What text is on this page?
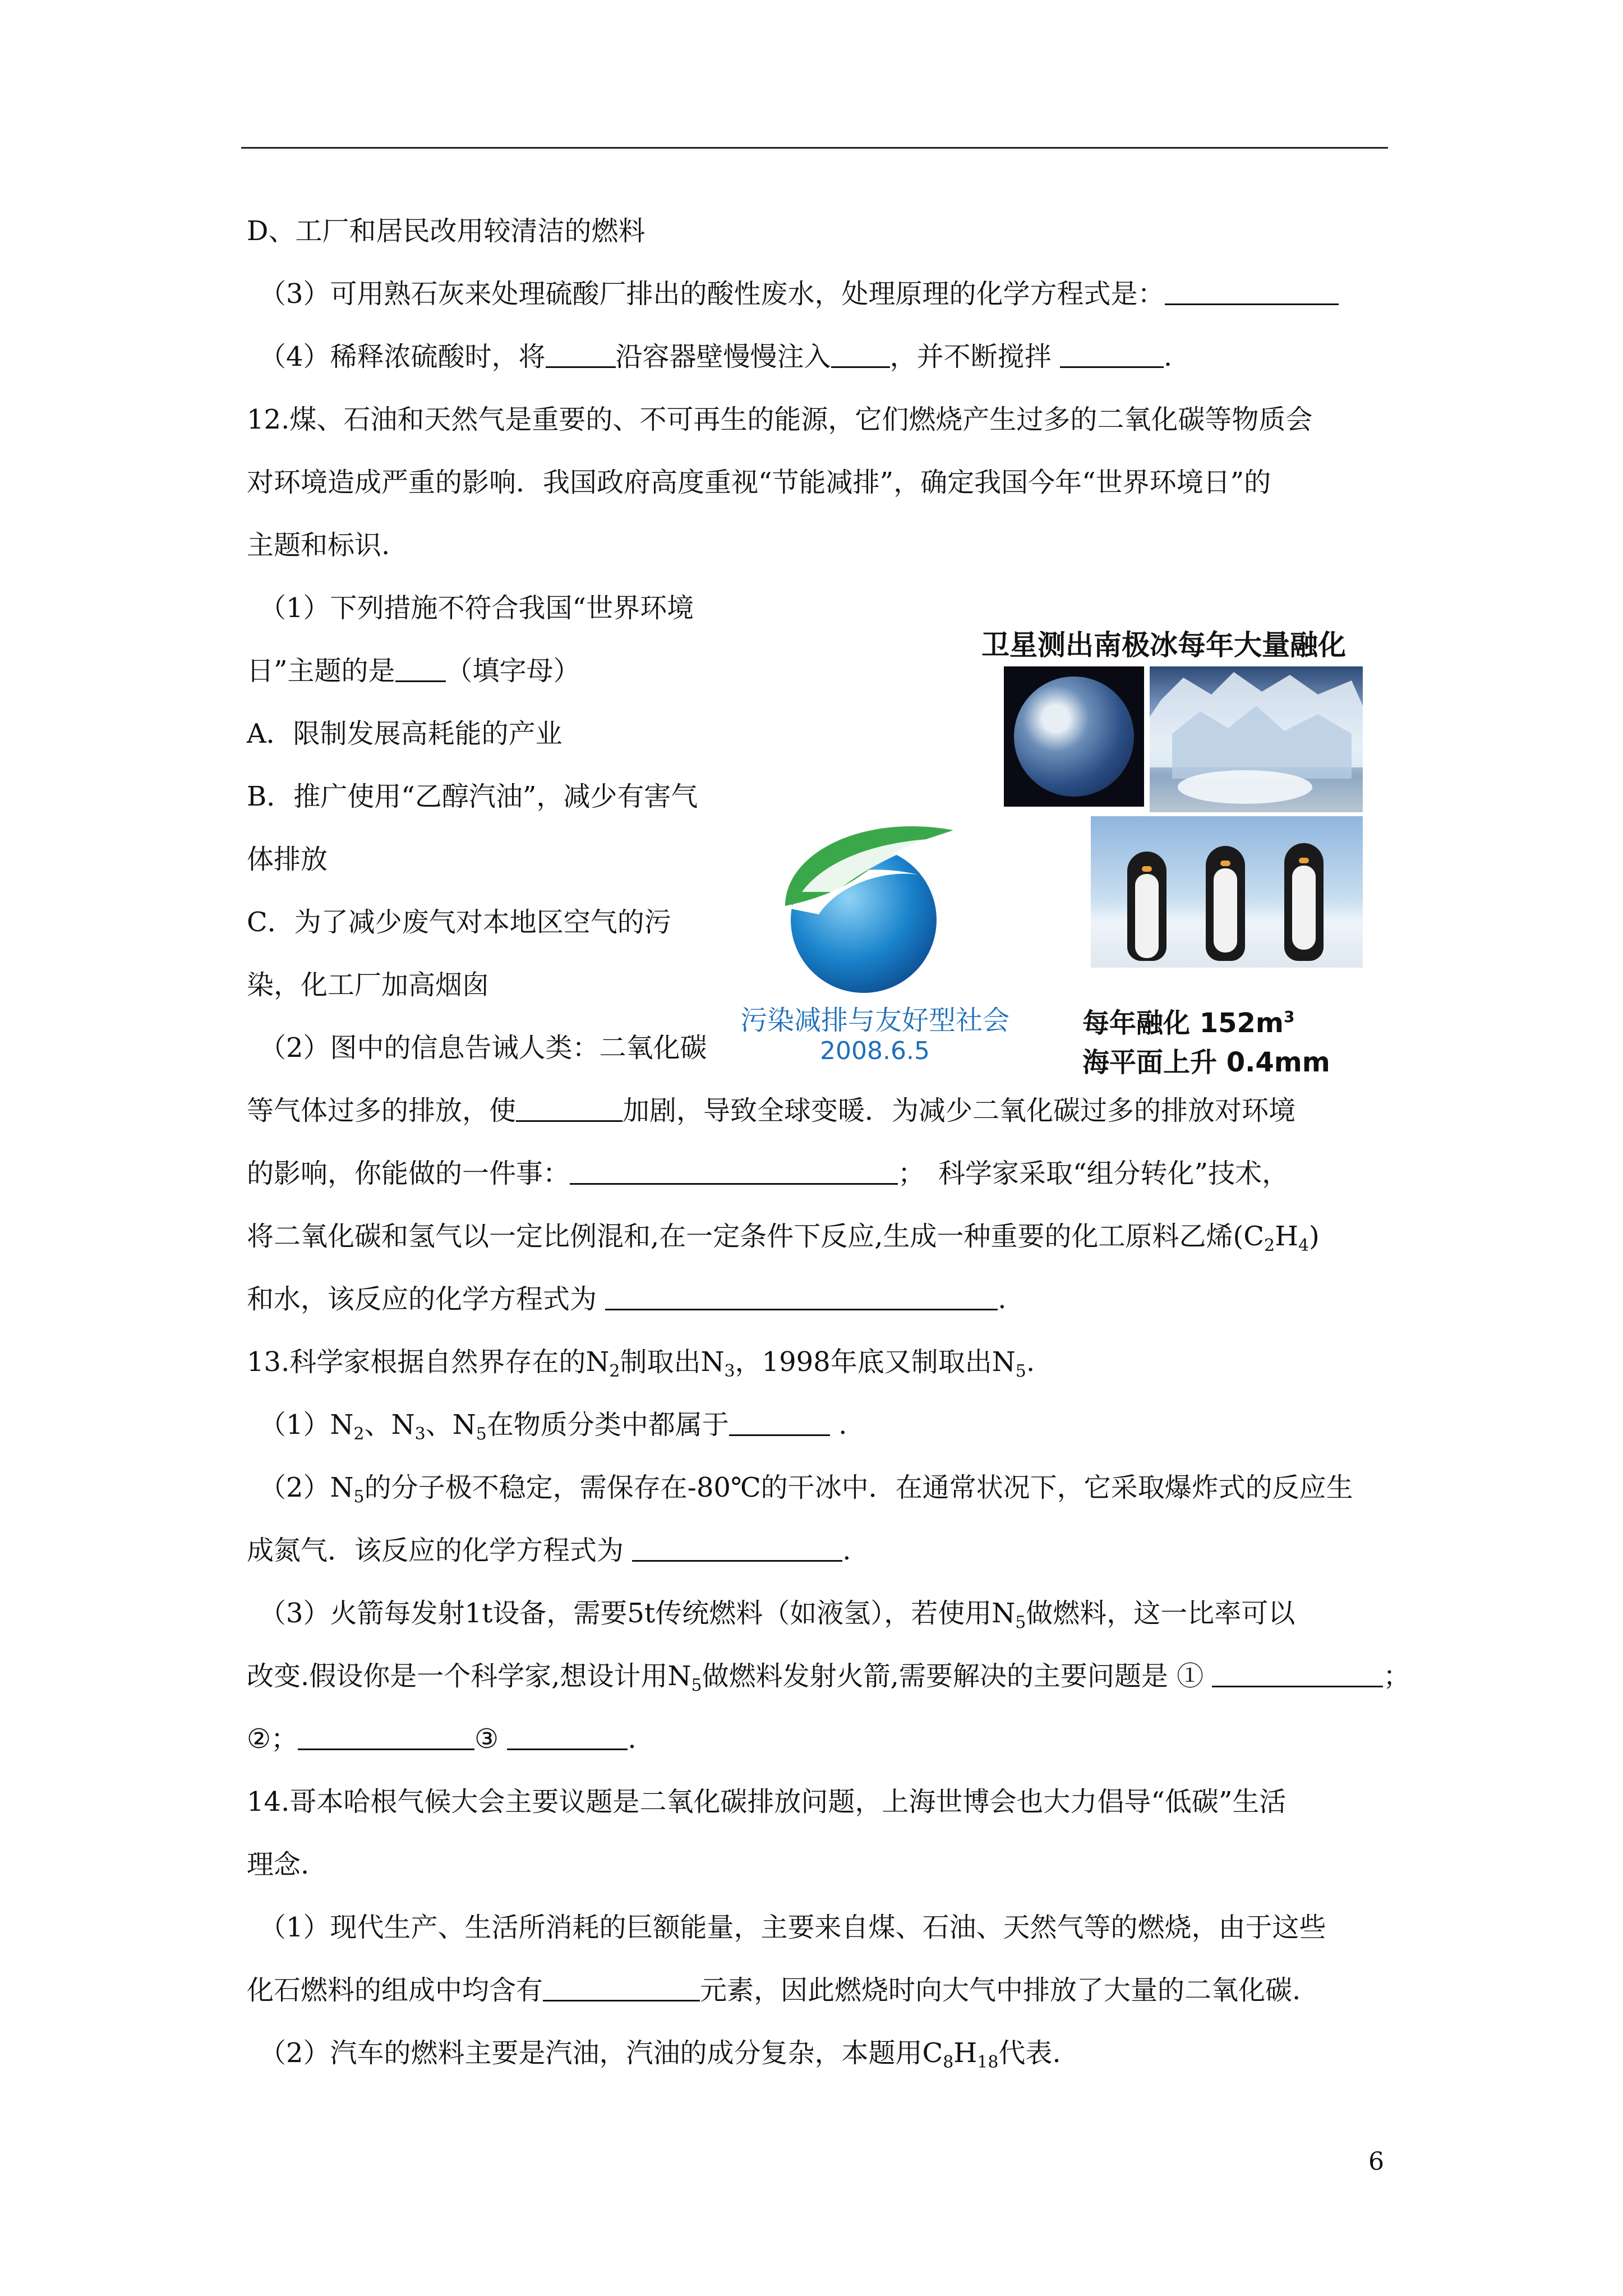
D、工厂和居民改用较清洁的燃料
（3）可用熟石灰来处理硫酸厂排出的酸性废水，处理原理的化学方程式是：
（4）稀释浓硫酸时，将	沿容器壁慢慢注入 ，并不断搅拌	.
12.煤、石油和天然气是重要的、不可再生的能源，它们燃烧产生过多的二氧化碳等物质会
对环境造成严重的影响．我国政府高度重视“节能减排”，确定我国今年“世界环境日”的
主题和标识.
（1）下列措施不符合我国“世界环境
日”主题的是 （填字母）
A．限制发展高耗能的产业
B．推广使用“乙醇汽油”，减少有害气
体排放
C．为了减少废气对本地区空气的污
染，化工厂加高烟囱
（2）图中的信息告诫人类：二氧化碳
等气体过多的排放，使	加剧，导致全球变暖．为减少二氧化碳过多的排放对环境
的影响，你能做的一件事：	；　科学家采取“组分转化”技术，
将二氧化碳和氢气以一定比例混和,在一定条件下反应,生成一种重要的化工原料乙烯$(C_2H_4)$
和水，该反应的化学方程式为	.
13.科学家根据自然界存在的$N_2$制取出$N_3$，1998年底又制取出$N_5$.
$(1)N_2$、$N_3$、$N_5$在物质分类中都属于	.
$(2)N_5$的分子极不稳定，需保存在-80℃的干冰中．在通常状况下，它采取爆炸式的反应生
成氮气．该反应的化学方程式为	.
（3）火箭每发射1t设备，需要5t传统燃料（如液氢），若使用$N_5$做燃料，这一比率可以
改变.假设你是一个科学家,想设计用$N_5$做燃料发射火箭,需要解决的主要问题是 ①	；
②；	③	.
14.哥本哈根气候大会主要议题是二氧化碳排放问题，上海世博会也大力倡导“低碳”生活
理念.
（1）现代生产、生活所消耗的巨额能量，主要来自煤、石油、天然气等的燃烧，由于这些
化石燃料的组成中均含有	元素，因此燃烧时向大气中排放了大量的二氧化碳.
（2）汽车的燃料主要是汽油，汽油的成分复杂，本题用$C_8H_{18}$代表.
卫星测出南极冰每年大量融化
污染减排与友好型社会
2008.6.5
每年融化 $152m^3$
海平面上升 0.4mm
6
